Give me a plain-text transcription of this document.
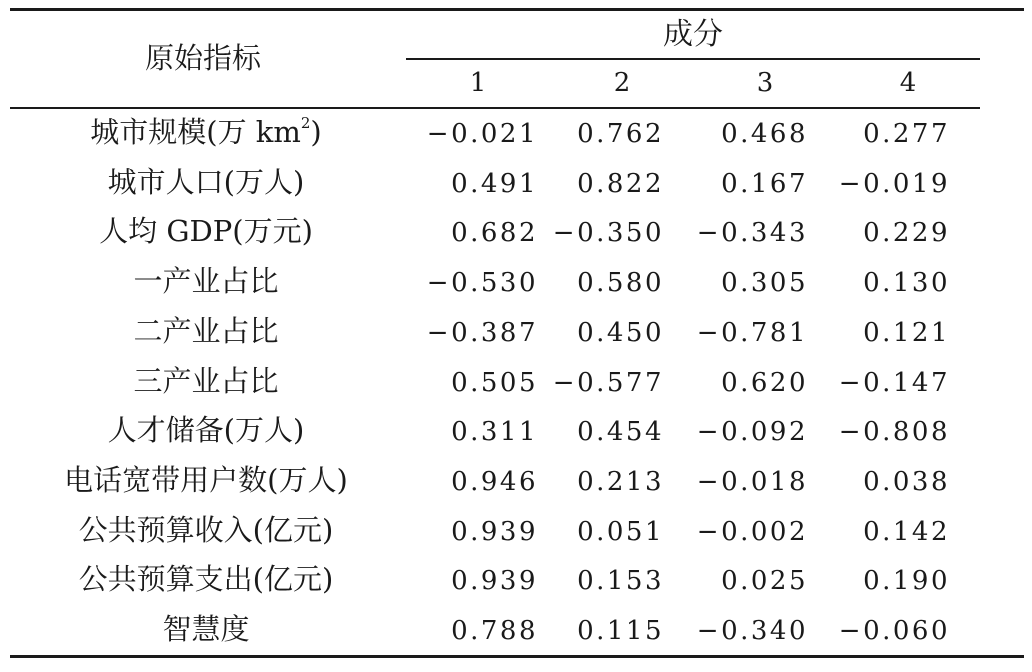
原始指标
成分
1	2	3	4
城市规模(万 $km^2$)	−0.021 0.762 0.468 0.277
城市人口(万人)	0.491 0.822 0.167 −0.019
人均 GDP(万元)	0.682 −0.350 −0.343 0.229
一产业占比	−0.530 0.580 0.305 0.130
二产业占比	−0.387 0.450 −0.781 0.121
三产业占比	0.505 −0.577 0.620 −0.147
人才储备(万人)	0.311 0.454 −0.092 −0.808
电话宽带用户数(万人)	0.946 0.213 −0.018 0.038
公共预算收入(亿元)	0.939 0.051 −0.002 0.142
公共预算支出(亿元)	0.939 0.153 0.025 0.190
智慧度	0.788 0.115 −0.340 −0.060
